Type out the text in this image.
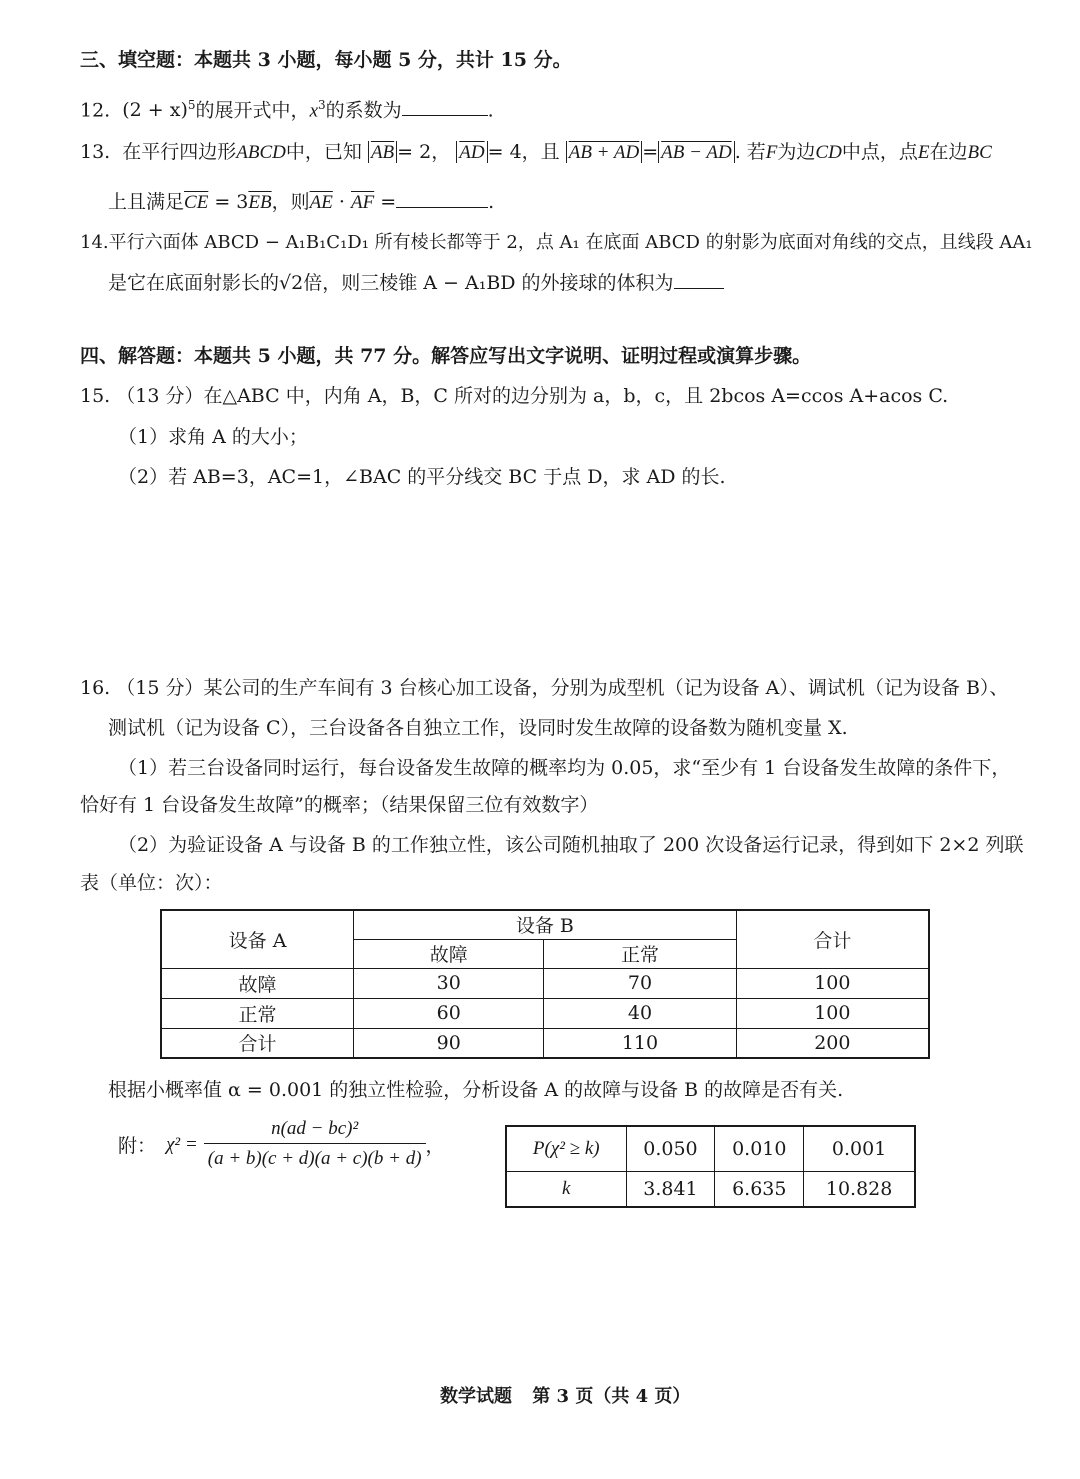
三、填空题：本题共 3 小题，每小题 5 分，共计 15 分。
12. $(2 + x)^5$的展开式中，$x^3$的系数为	.
13. 在平行四边形ABCD中，已知 $\overline{AB} = 2$， $\overline{AD} = 4$，且 AB + AD = AB − AD . 若F为边CD中点，点E在边BC
上且满足$\overline{CE} = 3\overline{EB}$，则$\overline{AE} \cdot \overline{AF}$ =	.
14.平行六面体 ABCD − A₁B₁C₁D₁ 所有棱长都等于 2，点 A₁ 在底面 ABCD 的射影为底面对角线的交点，且线段 AA₁
是它在底面射影长的√2倍，则三棱锥 A − A₁BD 的外接球的体积为
四、解答题：本题共 5 小题，共 77 分。解答应写出文字说明、证明过程或演算步骤。
15. （13 分）在△ABC 中，内角 A，B，C 所对的边分别为 a，b，c，且 2bcos A=ccos A+acos C.
（1）求角 A 的大小；
（2）若 AB=3，AC=1，∠BAC 的平分线交 BC 于点 D，求 AD 的长.
16. （15 分）某公司的生产车间有 3 台核心加工设备，分别为成型机（记为设备 A）、调试机（记为设备 B）、
测试机（记为设备 C），三台设备各自独立工作，设同时发生故障的设备数为随机变量 X.
（1）若三台设备同时运行，每台设备发生故障的概率均为 0.05，求“至少有 1 台设备发生故障的条件下，
恰好有 1 台设备发生故障”的概率；（结果保留三位有效数字）
（2）为验证设备 A 与设备 B 的工作独立性，该公司随机抽取了 200 次设备运行记录，得到如下 2×2 列联
表（单位：次）：
设备 A	设备 B		合计
	故障	正常	
故障	30	70	100
正常	60	40	100
合计	90	110	200
根据小概率值 α = 0.001 的独立性检验，分析设备 A 的故障与设备 B 的故障是否有关.
附： $\chi^2 = \frac{\text{n(ad − bc)²}}{(a + b)(c + d)(a + c)(b + d)}$ ，	P(χ² ≥ k)	0.050	0.010	0.001
k	3.841	6.635	10.828
数学试题 第 3 页（共 4 页）
